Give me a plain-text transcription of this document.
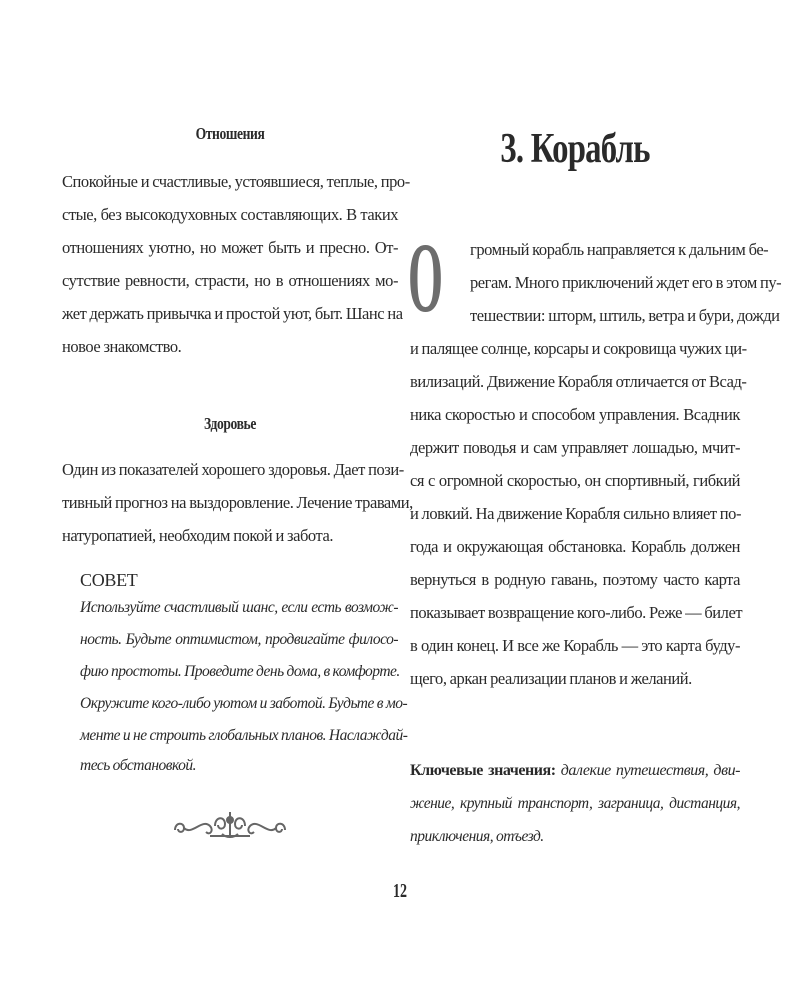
Отношения
Спокойные и счастливые, устоявшиеся, теплые, про-
стые, без высокодуховных составляющих. В таких
отношениях уютно, но может быть и пресно. От-
сутствие ревности, страсти, но в отношениях мо-
жет держать привычка и простой уют, быт. Шанс на
новое знакомство.
Здоровье
Один из показателей хорошего здоровья. Дает пози-
тивный прогноз на выздоровление. Лечение травами,
натуропатией, необходим покой и забота.
СОВЕТ
Используйте счастливый шанс, если есть возмож-
ность. Будьте оптимистом, продвигайте филосо-
фию простоты. Проведите день дома, в комфорте.
Окружите кого-либо уютом и заботой. Будьте в мо-
менте и не строить глобальных планов. Наслаждай-
тесь обстановкой.
3. Корабль
О громный корабль направляется к дальним бе-
регам. Много приключений ждет его в этом пу-
тешествии: шторм, штиль, ветра и бури, дожди
и палящее солнце, корсары и сокровища чужих ци-
вилизаций. Движение Корабля отличается от Всад-
ника скоростью и способом управления. Всадник
держит поводья и сам управляет лошадью, мчит-
ся с огромной скоростью, он спортивный, гибкий
и ловкий. На движение Корабля сильно влияет по-
года и окружающая обстановка. Корабль должен
вернуться в родную гавань, поэтому часто карта
показывает возвращение кого-либо. Реже — билет
в один конец. И все же Корабль — это карта буду-
щего, аркан реализации планов и желаний.
Ключевые значения: далекие путешествия, дви-
жение, крупный транспорт, заграница, дистанция,
приключения, отъезд.
12
